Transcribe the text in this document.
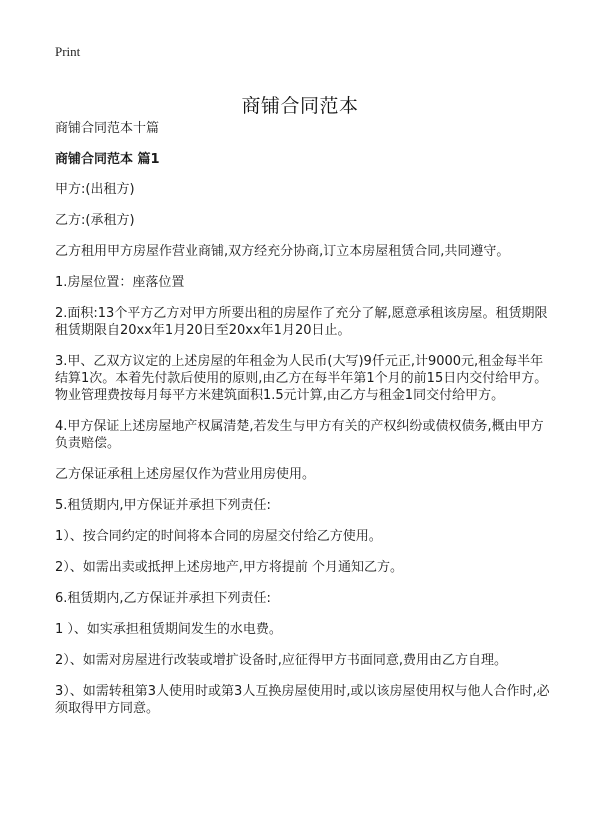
Print
商铺合同范本

商铺合同范本十篇

商铺合同范本 篇1

甲方:(出租方)

乙方:(承租方)

乙方租用甲方房屋作营业商铺,双方经充分协商,订立本房屋租赁合同,共同遵守。

1.房屋位置：座落位置

2.面积:13个平方乙方对甲方所要出租的房屋作了充分了解,愿意承租该房屋。租赁期限租赁期限自20xx年1月20日至20xx年1月20日止。

3.甲、乙双方议定的上述房屋的年租金为人民币(大写)9仟元正,计9000元,租金每半年结算1次。本着先付款后使用的原则,由乙方在每半年第1个月的前15日内交付给甲方。 物业管理费按每月每平方米建筑面积1.5元计算,由乙方与租金1同交付给甲方。

4.甲方保证上述房屋地产权属清楚,若发生与甲方有关的产权纠纷或债权债务,概由甲方负责赔偿。

乙方保证承租上述房屋仅作为营业用房使用。

5.租赁期内,甲方保证并承担下列责任:

1）、按合同约定的时间将本合同的房屋交付给乙方使用。

2）、如需出卖或抵押上述房地产,甲方将提前 个月通知乙方。

6.租赁期内,乙方保证并承担下列责任:

1 ）、如实承担租赁期间发生的水电费。

2）、如需对房屋进行改装或增扩设备时,应征得甲方书面同意,费用由乙方自理。

3）、如需转租第3人使用时或第3人互换房屋使用时,或以该房屋使用权与他人合作时,必须取得甲方同意。
